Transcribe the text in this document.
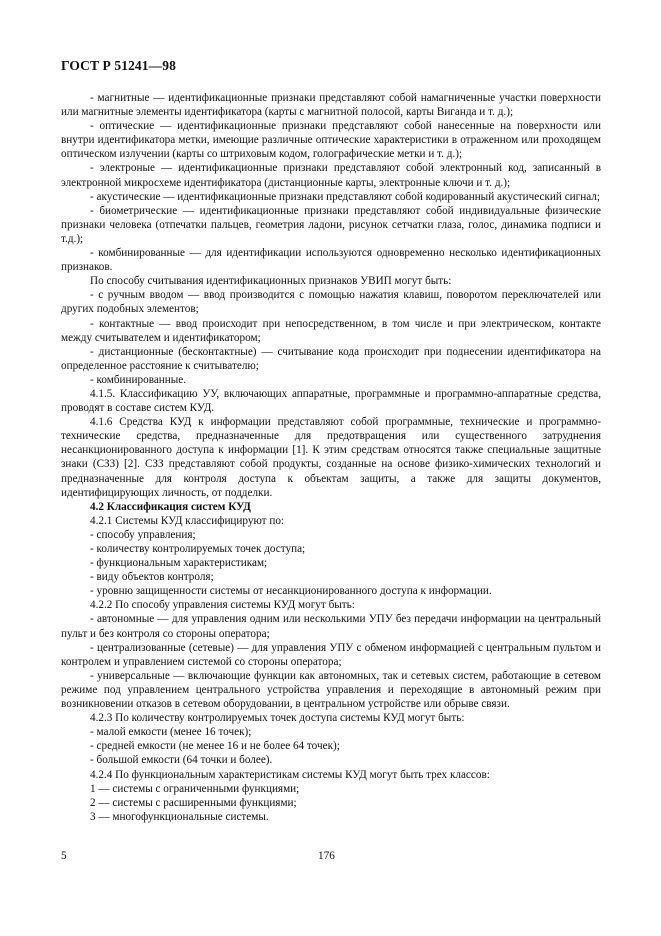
ГОСТ Р 51241—98

- магнитные — идентификационные признаки представляют собой намагниченные участки поверхности или магнитные элементы идентификатора (карты с магнитной полосой, карты Виганда и т. д.);

- оптические — идентификационные признаки представляют собой нанесенные на поверхности или внутри идентификатора метки, имеющие различные оптические характеристики в отраженном или проходящем оптическом излучении (карты со штриховым кодом, голографические метки и т. д.);

- электроные — идентификационные признаки представляют собой электронный код, записанный в электронной микросхеме идентификатора (дистанционные карты, электронные ключи и т. д.);

- акустические — идентификационные признаки представляют собой кодированный акустический сигнал;

- биометрические — идентификационные признаки представляют собой индивидуальные физические признаки человека (отпечатки пальцев, геометрия ладони, рисунок сетчатки глаза, голос, динамика подписи и т.д.);

- комбинированные — для идентификации используются одновременно несколько идентификационных признаков.

По способу считывания идентификационных признаков УВИП могут быть:

- с ручным вводом — ввод производится с помощью нажатия клавиш, поворотом переключателей или других подобных элементов;

- контактные — ввод происходит при непосредственном, в том числе и при электрическом, контакте между считывателем и идентификатором;

- дистанционные (бесконтактные) — считывание кода происходит при поднесении идентификатора на определенное расстояние к считывателю;

- комбинированные.

4.1.5. Классификацию УУ, включающих аппаратные, программные и программно-аппаратные средства, проводят в составе систем КУД.

4.1.6 Средства КУД к информации представляют собой программные, технические и программно-технические средства, предназначенные для предотвращения или существенного затруднения несанкционированного доступа к информации [1]. К этим средствам относятся также специальные защитные знаки (СЗЗ) [2]. СЗЗ представляют собой продукты, созданные на основе физико-химических технологий и предназначенные для контроля доступа к объектам защиты, а также для защиты документов, идентифицирующих личность, от подделки.

4.2 Классификация систем КУД

4.2.1 Системы КУД классифицируют по:

- способу управления;

- количеству контролируемых точек доступа;

- функциональным характеристикам;

- виду объектов контроля;

- уровню защищенности системы от несанкционированного доступа к информации.

4.2.2 По способу управления системы КУД могут быть:

- автономные — для управления одним или несколькими УПУ без передачи информации на центральный пульт и без контроля со стороны оператора;

- централизованные (сетевые) — для управления УПУ с обменом информацией с центральным пультом и контролем и управлением системой со стороны оператора;

- универсальные — включающие функции как автономных, так и сетевых систем, работающие в сетевом режиме под управлением центрального устройства управления и переходящие в автономный режим при возникновении отказов в сетевом оборудовании, в центральном устройстве или обрыве связи.

4.2.3 По количеству контролируемых точек доступа системы КУД могут быть:

- малой емкости (менее 16 точек);

- средней емкости (не менее 16 и не более 64 точек);

- большой емкости (64 точки и более).

4.2.4 По функциональным характеристикам системы КУД могут быть трех классов:

1 — системы с ограниченными функциями;

2 — системы с расширенными функциями;

3 — многофункциональные системы.

5	176
